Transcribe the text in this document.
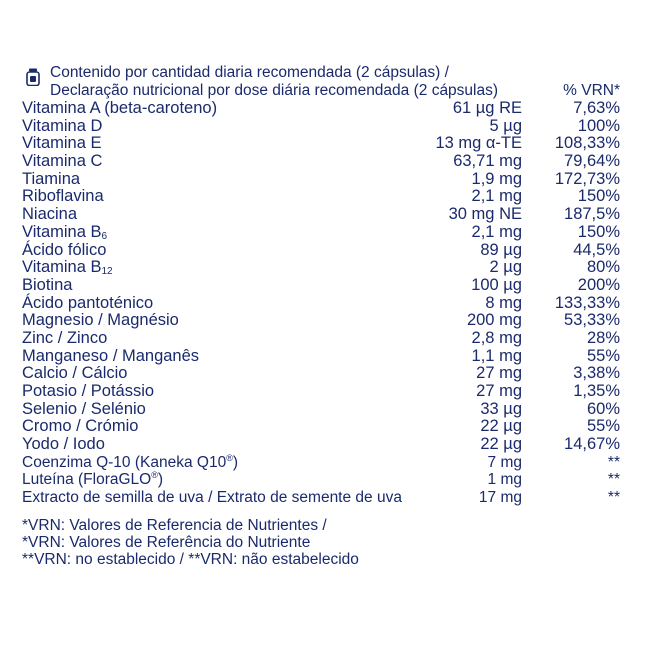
Contenido por cantidad diaria recomendada (2 cápsulas) /
Declaração nutricional por dose diária recomendada (2 cápsulas)	% VRN*
Vitamina A (beta-caroteno)	61 µg RE	7,63%
Vitamina D	5 µg	100%
Vitamina E	13 mg α-TE 108,33%
Vitamina C	63,71 mg	79,64%
Tiamina	1,9 mg 172,73%
Riboflavina	2,1 mg	150%
Niacina	30 mg NE	187,5%
Vitamina $B_6$	2,1 mg	150%
Ácido fólico	89 µg	44,5%
Vitamina $B_{12}$	2 µg	80%
Biotina	100 µg	200%
Ácido pantoténico	8 mg 133,33%
Magnesio / Magnésio	200 mg	53,33%
Zinc / Zinco	2,8 mg	28%
Manganeso / Manganês	1,1 mg	55%
Calcio / Cálcio	27 mg	3,38%
Potasio / Potássio	27 mg	1,35%
Selenio / Selénio	33 µg	60%
Cromo / Crómio	22 µg	55%
Yodo / Iodo	22 µg	14,67%
Coenzima Q-10 (Kaneka Q10®)	7 mg	**
Luteína (FloraGLO®)	1 mg	**
Extracto de semilla de uva / Extrato de semente de uva	17 mg	**
*VRN: Valores de Referencia de Nutrientes /
*VRN: Valores de Referência do Nutriente
**VRN: no establecido / **VRN: não estabelecido
